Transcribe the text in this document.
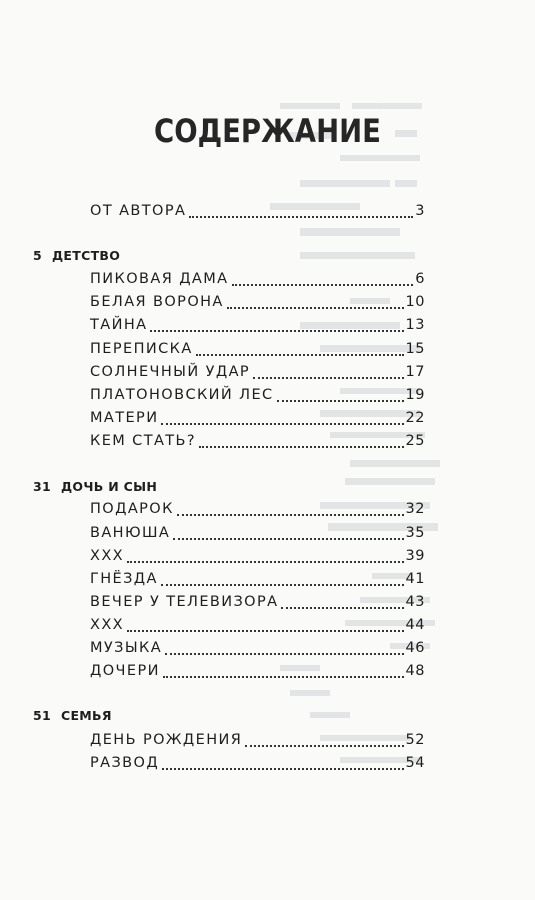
СОДЕРЖАНИЕ
ОТ АВТОРА	3
5 ДЕТСТВО
ПИКОВАЯ ДАМА	6
БЕЛАЯ ВОРОНА	10
ТАЙНА	13
ПЕРЕПИСКА	15
СОЛНЕЧНЫЙ УДАР	17
ПЛАТОНОВСКИЙ ЛЕС	19
МАТЕРИ	22
КЕМ СТАТЬ?	25
31 ДОЧЬ И СЫН
ПОДАРОК	32
ВАНЮША	35
ХХХ	39
ГНЁЗДА	41
ВЕЧЕР У ТЕЛЕВИЗОРА	43
ХХХ	44
МУЗЫКА	46
ДОЧЕРИ	48
51 СЕМЬЯ
ДЕНЬ РОЖДЕНИЯ	52
РАЗВОД	54
